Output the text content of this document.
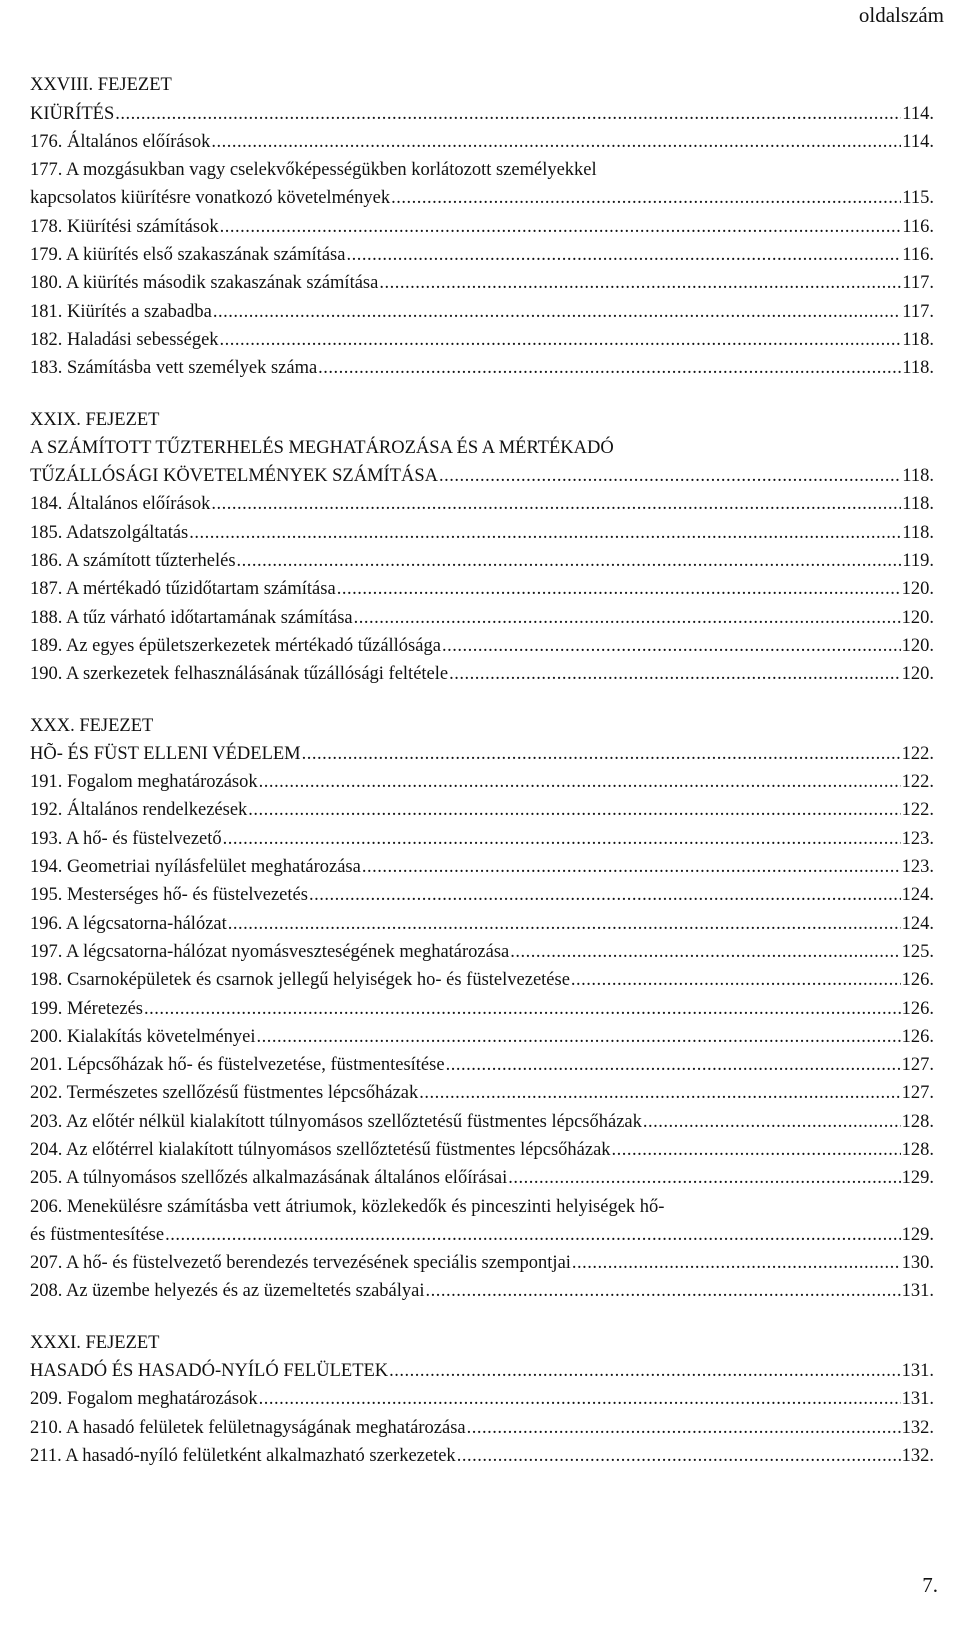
oldalszám
XXVIII. FEJEZET
KIÜRÍTÉS .....	114.
176. Általános előírások .....	114.
177. A mozgásukban vagy cselekvőképességükben korlátozott személyekkel
kapcsolatos kiürítésre vonatkozó követelmények .....	115.
178. Kiürítési számítások .....	116.
179. A kiürítés első szakaszának számítása .....	116.
180. A kiürítés második szakaszának számítása .....	117.
181. Kiürítés a szabadba .....	117.
182. Haladási sebességek .....	118.
183. Számításba vett személyek száma .....	118.
XXIX. FEJEZET
A SZÁMÍTOTT TŰZTERHELÉS MEGHATÁROZÁSA ÉS A MÉRTÉKADÓ
TŰZÁLLÓSÁGI KÖVETELMÉNYEK SZÁMÍTÁSA .....	118.
184. Általános előírások .....	118.
185. Adatszolgáltatás .....	118.
186. A számított tűzterhelés .....	119.
187. A mértékadó tűzidőtartam számítása .....	120.
188. A tűz várható időtartamának számítása .....	120.
189. Az egyes épületszerkezetek mértékadó tűzállósága .....	120.
190. A szerkezetek felhasználásának tűzállósági feltétele .....	120.
XXX. FEJEZET
HÕ- ÉS FÜST ELLENI VÉDELEM .....	122.
191. Fogalom meghatározások .....	122.
192. Általános rendelkezések .....	122.
193. A hő- és füstelvezető .....	123.
194. Geometriai nyílásfelület meghatározása .....	123.
195. Mesterséges hő- és füstelvezetés .....	124.
196. A légcsatorna-hálózat .....	124.
197. A légcsatorna-hálózat nyomásveszteségének meghatározása .....	125.
198. Csarnoképületek és csarnok jellegű helyiségek ho- és füstelvezetése .....	126.
199. Méretezés .....	126.
200. Kialakítás követelményei .....	126.
201. Lépcsőházak hő- és füstelvezetése, füstmentesítése .....	127.
202. Természetes szellőzésű füstmentes lépcsőházak .....	127.
203. Az előtér nélkül kialakított túlnyomásos szellőztetésű füstmentes lépcsőházak .....	128.
204. Az előtérrel kialakított túlnyomásos szellőztetésű füstmentes lépcsőházak .....	128.
205. A túlnyomásos szellőzés alkalmazásának általános előírásai .....	129.
206. Menekülésre számításba vett átriumok, közlekedők és pinceszinti helyiségek hő-
és füstmentesítése .....	129.
207. A hő- és füstelvezető berendezés tervezésének speciális szempontjai .....	130.
208. Az üzembe helyezés és az üzemeltetés szabályai .....	131.
XXXI. FEJEZET
HASADÓ ÉS HASADÓ-NYÍLÓ FELÜLETEK .....	131.
209. Fogalom meghatározások .....	131.
210. A hasadó felületek felületnagyságának meghatározása .....	132.
211. A hasadó-nyíló felületként alkalmazható szerkezetek .....	132.
7.
